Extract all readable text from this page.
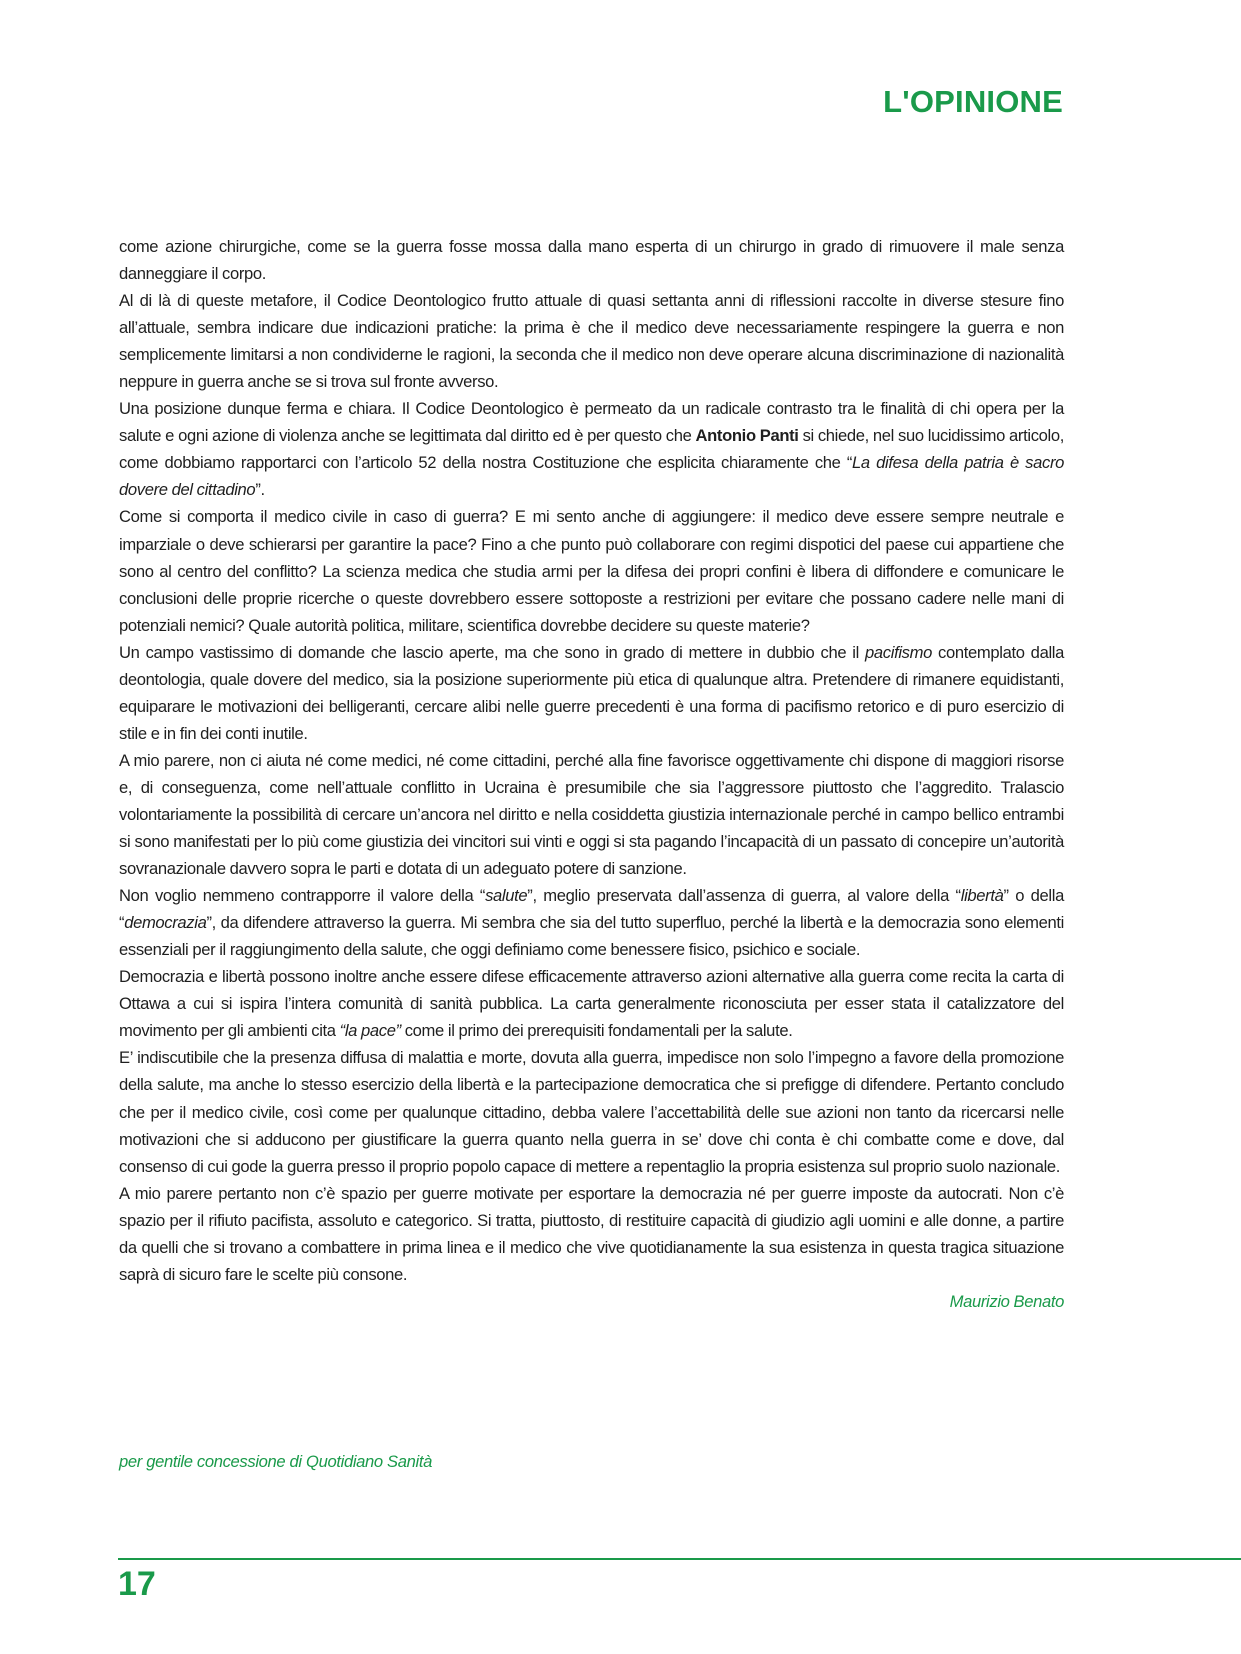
L'OPINIONE

come azione chirurgiche, come se la guerra fosse mossa dalla mano esperta di un chirurgo in grado di rimuovere il male senza danneggiare il corpo.

Al di là di queste metafore, il Codice Deontologico frutto attuale di quasi settanta anni di riflessioni raccolte in diverse stesure fino all’attuale, sembra indicare due indicazioni pratiche: la prima è che il medico deve necessariamente respingere la guerra e non semplicemente limitarsi a non condividerne le ragioni, la seconda che il medico non deve operare alcuna discriminazione di nazionalità neppure in guerra anche se si trova sul fronte avverso.

Una posizione dunque ferma e chiara. Il Codice Deontologico è permeato da un radicale contrasto tra le finalità di chi opera per la salute e ogni azione di violenza anche se legittimata dal diritto ed è per questo che Antonio Panti si chiede, nel suo lucidissimo articolo, come dobbiamo rapportarci con l’articolo 52 della nostra Costituzione che esplicita chiaramente che “La difesa della patria è sacro dovere del cittadino”.

Come si comporta il medico civile in caso di guerra? E mi sento anche di aggiungere: il medico deve essere sempre neutrale e imparziale o deve schierarsi per garantire la pace? Fino a che punto può collaborare con regimi dispotici del paese cui appartiene che sono al centro del conflitto? La scienza medica che studia armi per la difesa dei propri confini è libera di diffondere e comunicare le conclusioni delle proprie ricerche o queste dovrebbero essere sottoposte a restrizioni per evitare che possano cadere nelle mani di potenziali nemici? Quale autorità politica, militare, scientifica dovrebbe decidere su queste materie?

Un campo vastissimo di domande che lascio aperte, ma che sono in grado di mettere in dubbio che il pacifismo contemplato dalla deontologia, quale dovere del medico, sia la posizione superiormente più etica di qualunque altra. Pretendere di rimanere equidistanti, equiparare le motivazioni dei belligeranti, cercare alibi nelle guerre precedenti è una forma di pacifismo retorico e di puro esercizio di stile e in fin dei conti inutile.

A mio parere, non ci aiuta né come medici, né come cittadini, perché alla fine favorisce oggettivamente chi dispone di maggiori risorse e, di conseguenza, come nell’attuale conflitto in Ucraina è presumibile che sia l’aggressore piuttosto che l’aggredito. Tralascio volontariamente la possibilità di cercare un’ancora nel diritto e nella cosiddetta giustizia internazionale perché in campo bellico entrambi si sono manifestati per lo più come giustizia dei vincitori sui vinti e oggi si sta pagando l’incapacità di un passato di concepire un’autorità sovranazionale davvero sopra le parti e dotata di un adeguato potere di sanzione.

Non voglio nemmeno contrapporre il valore della “salute”, meglio preservata dall’assenza di guerra, al valore della “libertà” o della “democrazia”, da difendere attraverso la guerra. Mi sembra che sia del tutto superfluo, perché la libertà e la democrazia sono elementi essenziali per il raggiungimento della salute, che oggi definiamo come benessere fisico, psichico e sociale.

Democrazia e libertà possono inoltre anche essere difese efficacemente attraverso azioni alternative alla guerra come recita la carta di Ottawa a cui si ispira l’intera comunità di sanità pubblica. La carta generalmente riconosciuta per esser stata il catalizzatore del movimento per gli ambienti cita “la pace” come il primo dei prerequisiti fondamentali per la salute.

E’ indiscutibile che la presenza diffusa di malattia e morte, dovuta alla guerra, impedisce non solo l’impegno a favore della promozione della salute, ma anche lo stesso esercizio della libertà e la partecipazione democratica che si prefigge di difendere. Pertanto concludo che per il medico civile, così come per qualunque cittadino, debba valere l’accettabilità delle sue azioni non tanto da ricercarsi nelle motivazioni che si adducono per giustificare la guerra quanto nella guerra in se’ dove chi conta è chi combatte come e dove, dal consenso di cui gode la guerra presso il proprio popolo capace di mettere a repentaglio la propria esistenza sul proprio suolo nazionale.

A mio parere pertanto non c’è spazio per guerre motivate per esportare la democrazia né per guerre imposte da autocrati. Non c’è spazio per il rifiuto pacifista, assoluto e categorico. Si tratta, piuttosto, di restituire capacità di giudizio agli uomini e alle donne, a partire da quelli che si trovano a combattere in prima linea e il medico che vive quotidianamente la sua esistenza in questa tragica situazione saprà di sicuro fare le scelte più consone.

Maurizio Benato

per gentile concessione di Quotidiano Sanità
17
